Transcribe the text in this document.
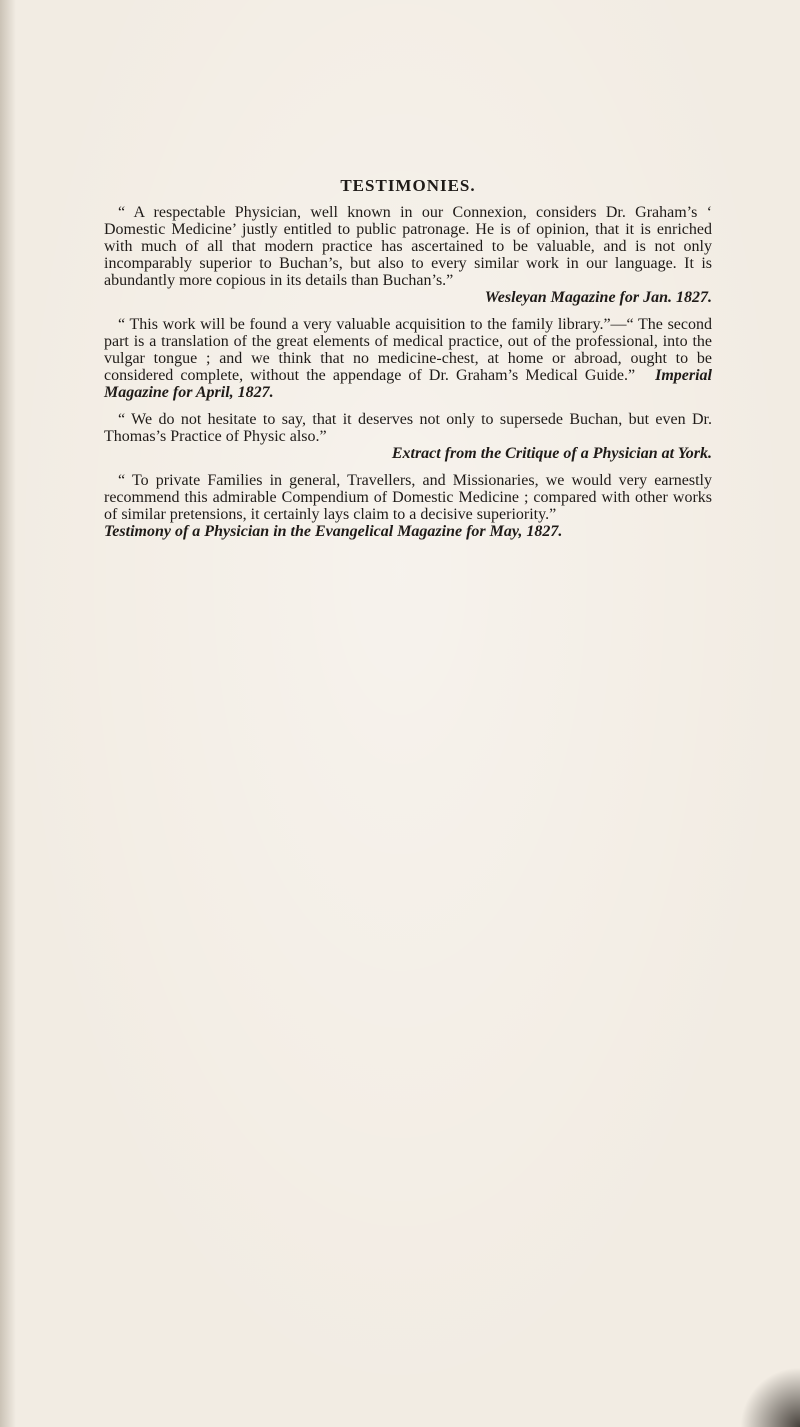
TESTIMONIES.

“ A respectable Physician, well known in our Connexion, considers Dr. Graham’s ‘ Domestic Medicine’ justly entitled to public patronage. He is of opinion, that it is enriched with much of all that modern practice has ascertained to be valuable, and is not only incomparably superior to Buchan’s, but also to every similar work in our language. It is abundantly more copious in its details than Buchan’s.”

Wesleyan Magazine for Jan. 1827.

“ This work will be found a very valuable acquisition to the family library.”—“ The second part is a translation of the great elements of medical practice, out of the professional, into the vulgar tongue ; and we think that no medicine-chest, at home or abroad, ought to be considered complete, without the appendage of Dr. Graham’s Medical Guide.” Imperial Magazine for April, 1827.

“ We do not hesitate to say, that it deserves not only to supersede Buchan, but even Dr. Thomas’s Practice of Physic also.”

Extract from the Critique of a Physician at York.

“ To private Families in general, Travellers, and Missionaries, we would very earnestly recommend this admirable Compendium of Domestic Medicine ; compared with other works of similar pretensions, it certainly lays claim to a decisive superiority.”

Testimony of a Physician in the Evangelical Magazine for May, 1827.
